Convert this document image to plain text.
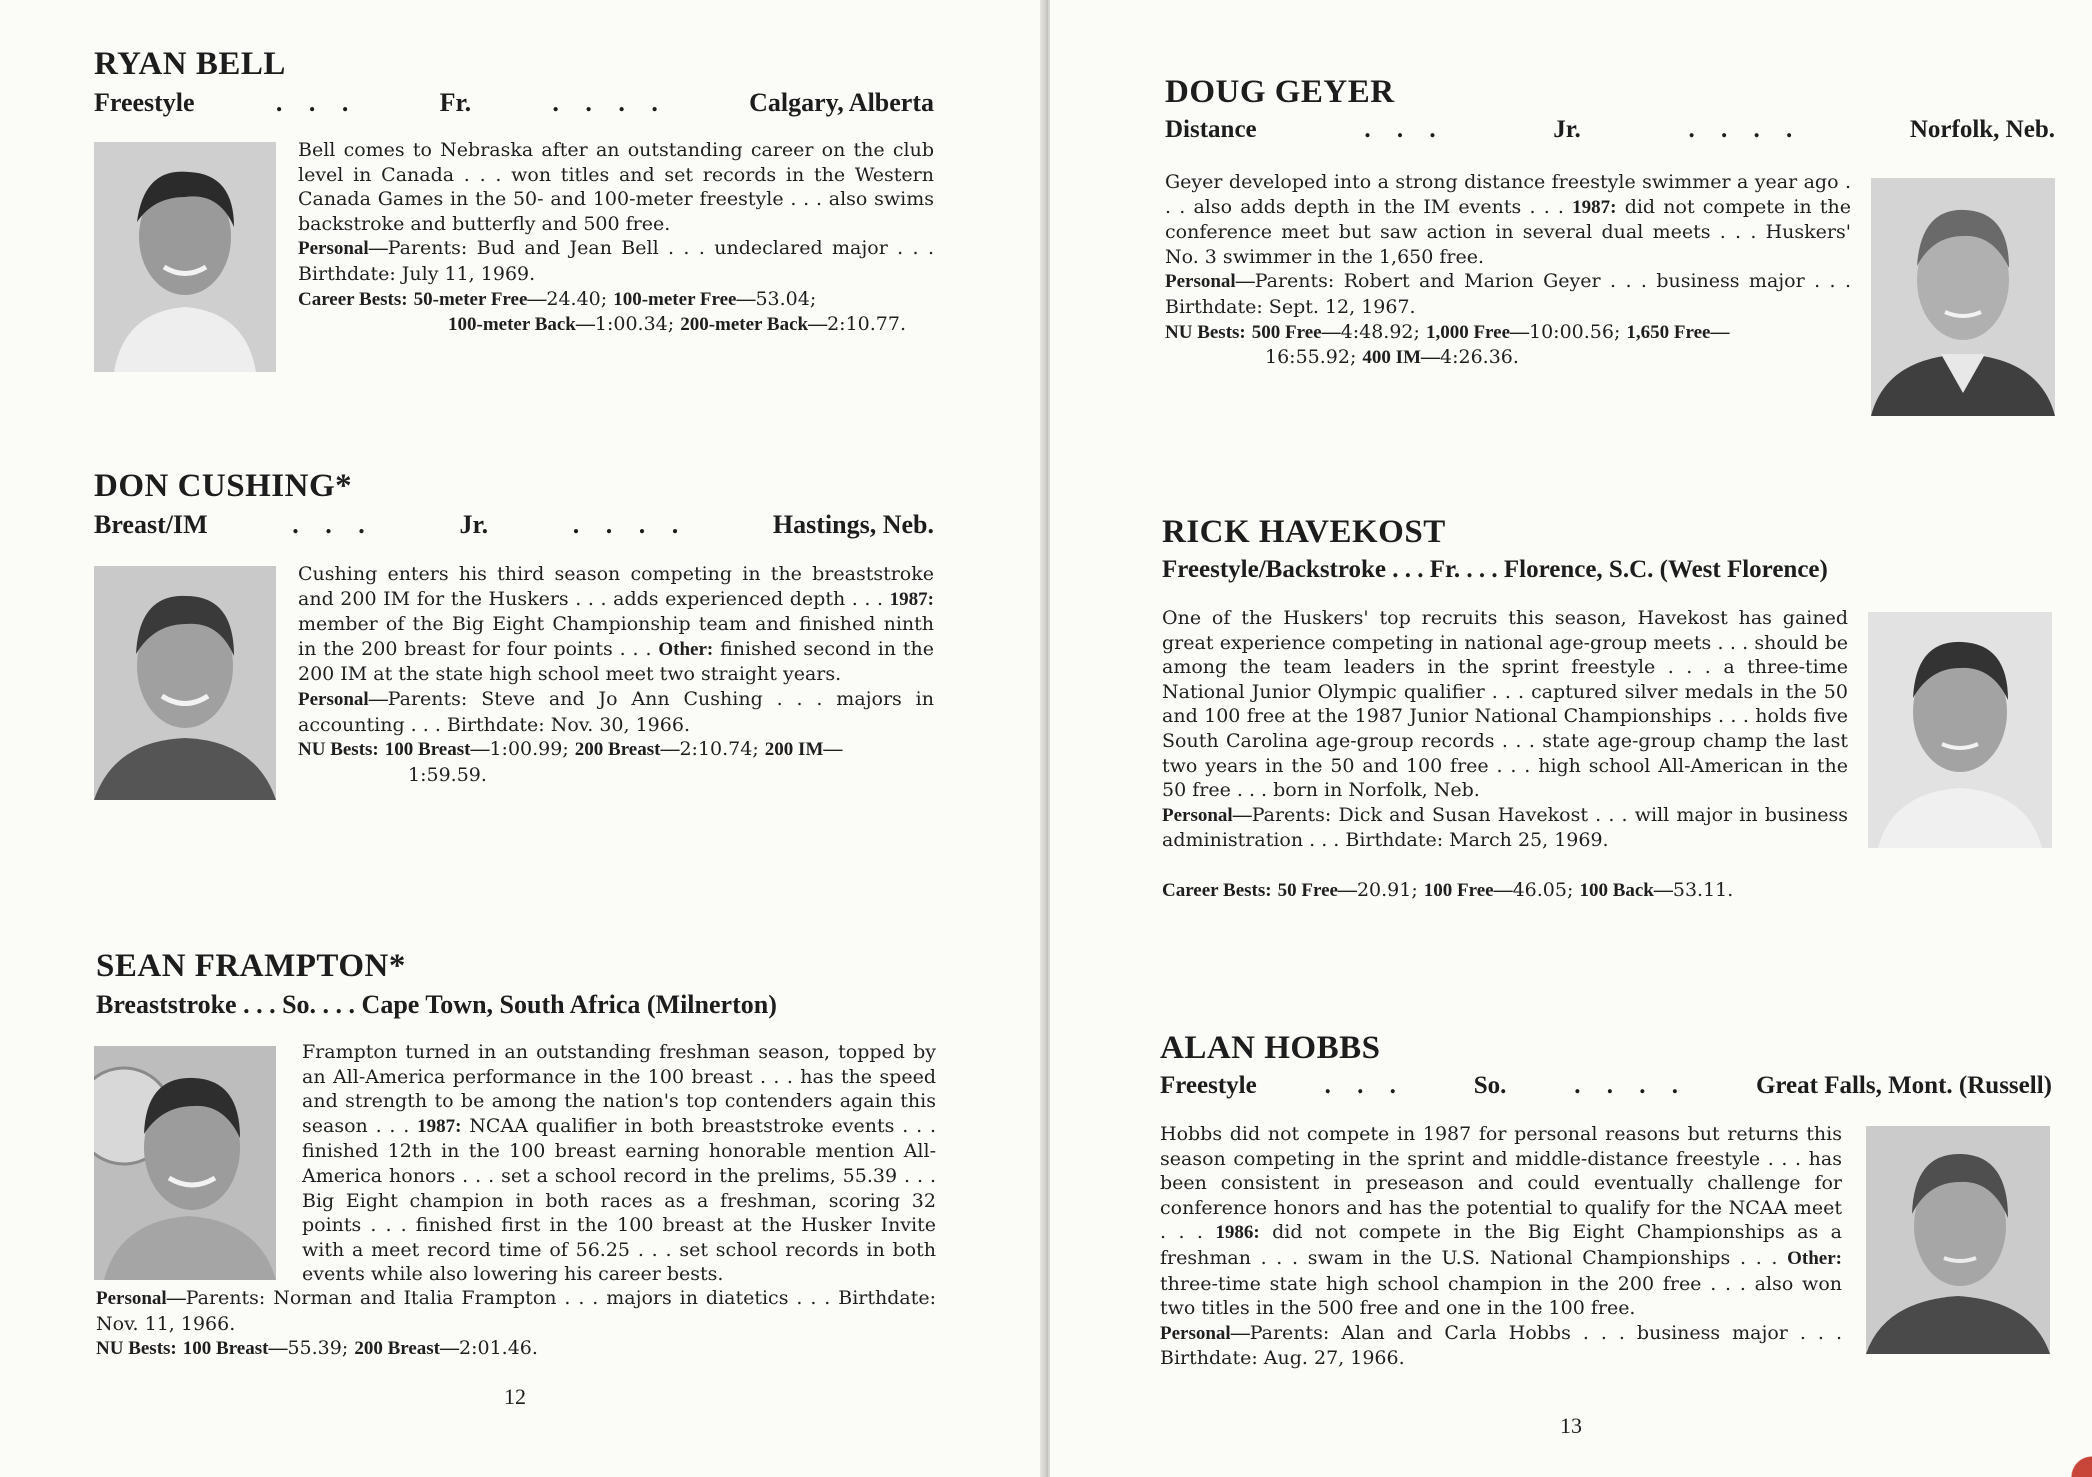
RYAN BELL
Freestyle	. . .	Fr.	. . . .	Calgary, Alberta

Bell comes to Nebraska after an outstanding career on the club level in Canada . . . won titles and set records in the Western Canada Games in the 50- and 100-meter freestyle . . . also swims backstroke and butterfly and 500 free.

Personal—Parents: Bud and Jean Bell . . . undeclared major . . . Birthdate: July 11, 1969.

Career Bests: 50-meter Free—24.40; 100-meter Free—53.04;

100-meter Back—1:00.34; 200-meter Back—2:10.77.

DON CUSHING*
Breast/IM	. . .	Jr.	. . . .	Hastings, Neb.

Cushing enters his third season competing in the breaststroke and 200 IM for the Huskers . . . adds experienced depth . . . 1987: member of the Big Eight Championship team and finished ninth in the 200 breast for four points . . . Other: finished second in the 200 IM at the state high school meet two straight years.

Personal—Parents: Steve and Jo Ann Cushing . . . majors in accounting . . . Birthdate: Nov. 30, 1966.

NU Bests: 100 Breast—1:00.99; 200 Breast—2:10.74; 200 IM—

1:59.59.

SEAN FRAMPTON*
Breaststroke . . . So. . . . Cape Town, South Africa (Milnerton)

Frampton turned in an outstanding freshman season, topped by an All-America performance in the 100 breast . . . has the speed and strength to be among the nation's top contenders again this season . . . 1987: NCAA qualifier in both breaststroke events . . . finished 12th in the 100 breast earning honorable mention All-America honors . . . set a school record in the prelims, 55.39 . . . Big Eight champion in both races as a freshman, scoring 32 points . . . finished first in the 100 breast at the Husker Invite with a meet record time of 56.25 . . . set school records in both events while also lowering his career bests.

Personal—Parents: Norman and Italia Frampton . . . majors in diatetics . . . Birthdate: Nov. 11, 1966.

NU Bests: 100 Breast—55.39; 200 Breast—2:01.46.

12
DOUG GEYER
Distance	. . .	Jr.	. . . .	Norfolk, Neb.

Geyer developed into a strong distance freestyle swimmer a year ago . . . also adds depth in the IM events . . . 1987: did not compete in the conference meet but saw action in several dual meets . . . Huskers' No. 3 swimmer in the 1,650 free.

Personal—Parents: Robert and Marion Geyer . . . business major . . . Birthdate: Sept. 12, 1967.

NU Bests: 500 Free—4:48.92; 1,000 Free—10:00.56; 1,650 Free—

16:55.92; 400 IM—4:26.36.

RICK HAVEKOST
Freestyle/Backstroke . . . Fr. . . . Florence, S.C. (West Florence)

One of the Huskers' top recruits this season, Havekost has gained great experience competing in national age-group meets . . . should be among the team leaders in the sprint freestyle . . . a three-time National Junior Olympic qualifier . . . captured silver medals in the 50 and 100 free at the 1987 Junior National Championships . . . holds five South Carolina age-group records . . . state age-group champ the last two years in the 50 and 100 free . . . high school All-American in the 50 free . . . born in Norfolk, Neb.

Personal—Parents: Dick and Susan Havekost . . . will major in business administration . . . Birthdate: March 25, 1969.

Career Bests: 50 Free—20.91; 100 Free—46.05; 100 Back—53.11.

ALAN HOBBS
Freestyle	. . .	So.	. . . .	Great Falls, Mont. (Russell)

Hobbs did not compete in 1987 for personal reasons but returns this season competing in the sprint and middle-distance freestyle . . . has been consistent in preseason and could eventually challenge for conference honors and has the potential to qualify for the NCAA meet . . . 1986: did not compete in the Big Eight Championships as a freshman . . . swam in the U.S. National Championships . . . Other: three-time state high school champion in the 200 free . . . also won two titles in the 500 free and one in the 100 free.

Personal—Parents: Alan and Carla Hobbs . . . business major . . . Birthdate: Aug. 27, 1966.

13
